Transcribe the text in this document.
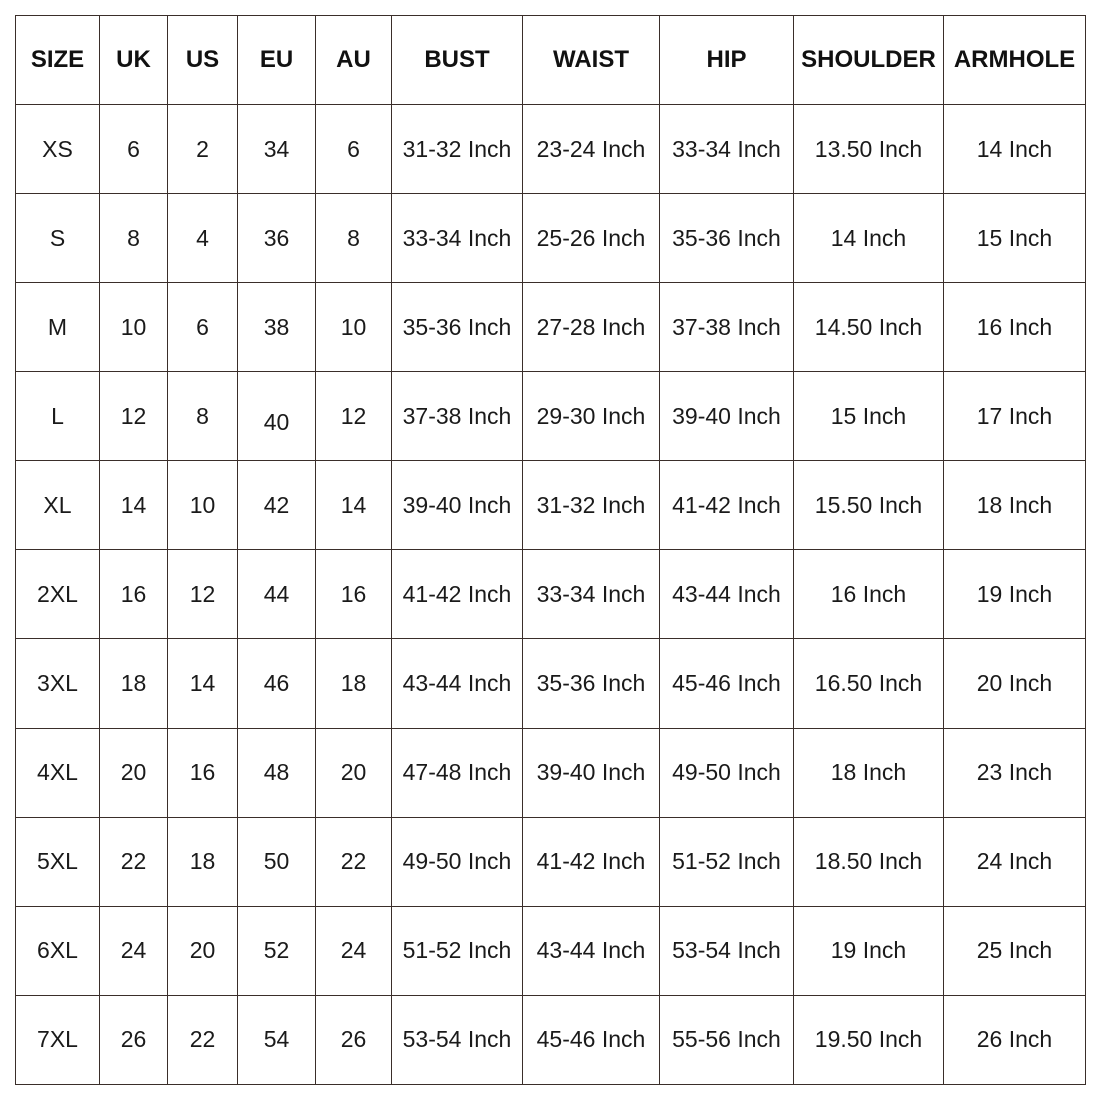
SIZE	UK	US	EU	AU	BUST	WAIST	HIP	SHOULDER	ARMHOLE
XS	6	2	34	6	31-32 Inch	23-24 Inch	33-34 Inch	13.50 Inch	14 Inch
S	8	4	36	8	33-34 Inch	25-26 Inch	35-36 Inch	14 Inch	15 Inch
M	10	6	38	10	35-36 Inch	27-28 Inch	37-38 Inch	14.50 Inch	16 Inch
L	12	8	40	12	37-38 Inch	29-30 Inch	39-40 Inch	15 Inch	17 Inch
XL	14	10	42	14	39-40 Inch	31-32 Inch	41-42 Inch	15.50 Inch	18 Inch
2XL	16	12	44	16	41-42 Inch	33-34 Inch	43-44 Inch	16 Inch	19 Inch
3XL	18	14	46	18	43-44 Inch	35-36 Inch	45-46 Inch	16.50 Inch	20 Inch
4XL	20	16	48	20	47-48 Inch	39-40 Inch	49-50 Inch	18 Inch	23 Inch
5XL	22	18	50	22	49-50 Inch	41-42 Inch	51-52 Inch	18.50 Inch	24 Inch
6XL	24	20	52	24	51-52 Inch	43-44 Inch	53-54 Inch	19 Inch	25 Inch
7XL	26	22	54	26	53-54 Inch	45-46 Inch	55-56 Inch	19.50 Inch	26 Inch
